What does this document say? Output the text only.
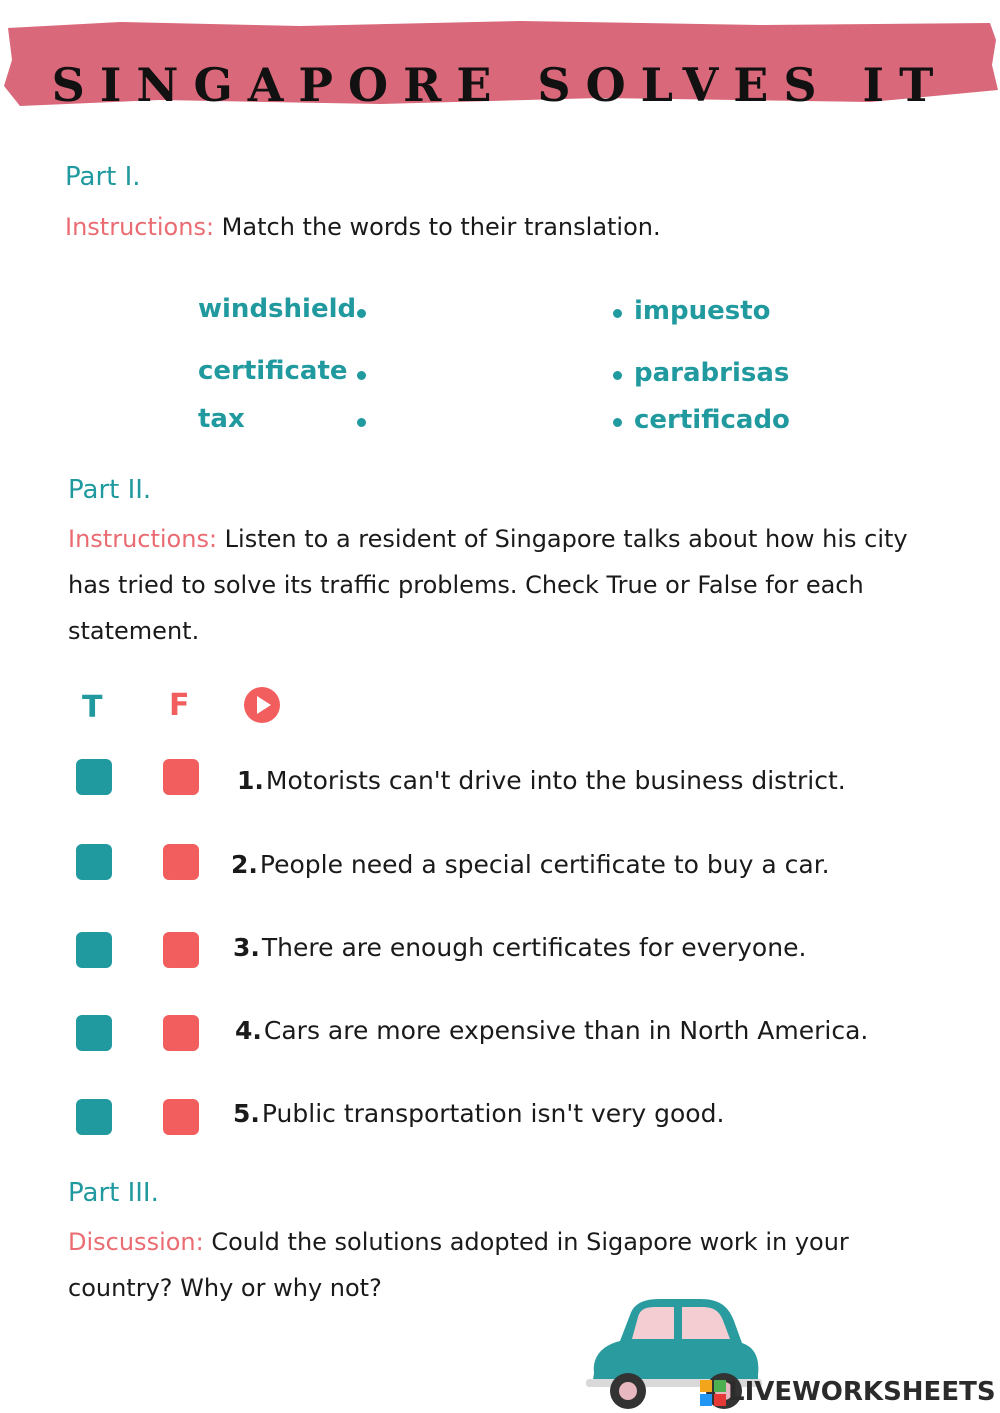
SINGAPORE SOLVES IT
Part I.
Instructions: Match the words to their translation.
windshield
certificate
tax
impuesto
parabrisas
certificado
Part II.
Instructions: Listen to a resident of Singapore talks about how his city has tried to solve its traffic problems. Check True or False for each statement.
T F
1.Motorists can't drive into the business district.
2.People need a special certificate to buy a car.
3.There are enough certificates for everyone.
4.Cars are more expensive than in North America.
5.Public transportation isn't very good.
Part III.
Discussion: Could the solutions adopted in Sigapore work in your country? Why or why not?
LIVEWORKSHEETS
